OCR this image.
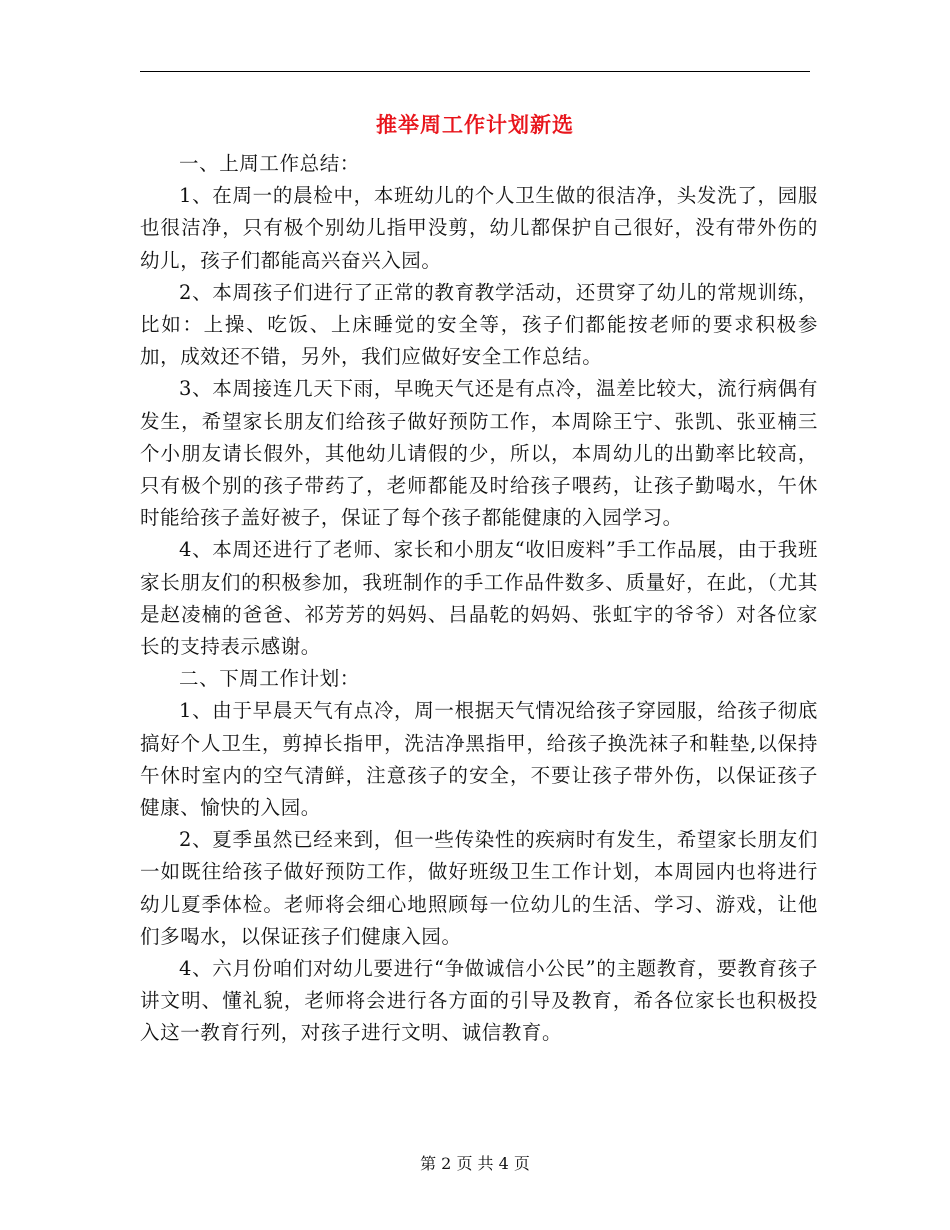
推举周工作计划新选

一、上周工作总结：

1、在周一的晨检中，本班幼儿的个人卫生做的很洁净，头发洗了，园服也很洁净，只有极个别幼儿指甲没剪，幼儿都保护自己很好，没有带外伤的幼儿，孩子们都能高兴奋兴入园。

2、本周孩子们进行了正常的教育教学活动，还贯穿了幼儿的常规训练，比如：上操、吃饭、上床睡觉的安全等，孩子们都能按老师的要求积极参加，成效还不错，另外，我们应做好安全工作总结。

3、本周接连几天下雨，早晚天气还是有点冷，温差比较大，流行病偶有发生，希望家长朋友们给孩子做好预防工作，本周除王宁、张凯、张亚楠三个小朋友请长假外，其他幼儿请假的少，所以，本周幼儿的出勤率比较高，只有极个别的孩子带药了，老师都能及时给孩子喂药，让孩子勤喝水，午休时能给孩子盖好被子，保证了每个孩子都能健康的入园学习。

4、本周还进行了老师、家长和小朋友“收旧废料”手工作品展，由于我班家长朋友们的积极参加，我班制作的手工作品件数多、质量好，在此，（尤其是赵凌楠的爸爸、祁芳芳的妈妈、吕晶乾的妈妈、张虹宇的爷爷）对各位家长的支持表示感谢。

二、下周工作计划：

1、由于早晨天气有点冷，周一根据天气情况给孩子穿园服，给孩子彻底搞好个人卫生，剪掉长指甲，洗洁净黑指甲，给孩子换洗袜子和鞋垫,以保持午休时室内的空气清鲜，注意孩子的安全，不要让孩子带外伤，以保证孩子健康、愉快的入园。

2、夏季虽然已经来到，但一些传染性的疾病时有发生，希望家长朋友们一如既往给孩子做好预防工作，做好班级卫生工作计划，本周园内也将进行幼儿夏季体检。老师将会细心地照顾每一位幼儿的生活、学习、游戏，让他们多喝水，以保证孩子们健康入园。

4、六月份咱们对幼儿要进行“争做诚信小公民”的主题教育，要教育孩子讲文明、懂礼貌，老师将会进行各方面的引导及教育，希各位家长也积极投入这一教育行列，对孩子进行文明、诚信教育。

第 2 页 共 4 页
